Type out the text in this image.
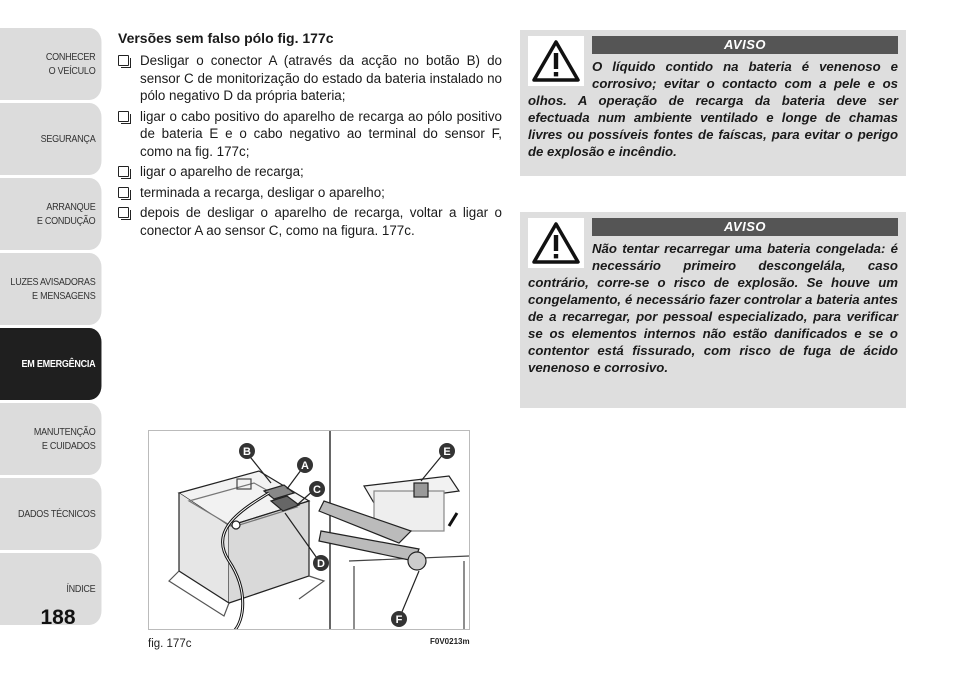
CONHECER
O VEÍCULO
SEGURANÇA
ARRANQUE
E CONDUÇÃO
LUZES AVISADORAS
E MENSAGENS
EM EMERGÊNCIA
MANUTENÇÃO
E CUIDADOS
DADOS TÉCNICOS
ÍNDICE
188
Versões sem falso pólo fig. 177c
Desligar o conector A (através da acção no botão B) do sensor C de monitorização do estado da bateria instalado no pólo negativo D da própria bateria;
ligar o cabo positivo do aparelho de recarga ao pólo positivo de bateria E e o cabo negativo ao terminal do sensor F, como na fig. 177c;
ligar o aparelho de recarga;
terminada a recarga, desligar o aparelho;
depois de desligar o aparelho de recarga, voltar a ligar o conector A ao sensor C, como na figura. 177c.
AVISO
O líquido contido na bateria é venenoso e corrosivo; evitar o contacto com a pele e os olhos. A operação de recarga da bateria deve ser efectuada num ambiente ventilado e longe de chamas livres ou possíveis fontes de faíscas, para evitar o perigo de explosão e incêndio.
AVISO
Não tentar recarregar uma bateria congelada: é necessário primeiro descongelála, caso contrário, corre-se o risco de explosão. Se houve um congelamento, é necessário fazer controlar a bateria antes de a recarregar, por pessoal especializado, para verificar se os elementos internos não estão danificados e se o contentor está fissurado, com risco de fuga de ácido venenoso e corrosivo.
B
A
C
D
E
F
fig. 177c	F0V0213m
